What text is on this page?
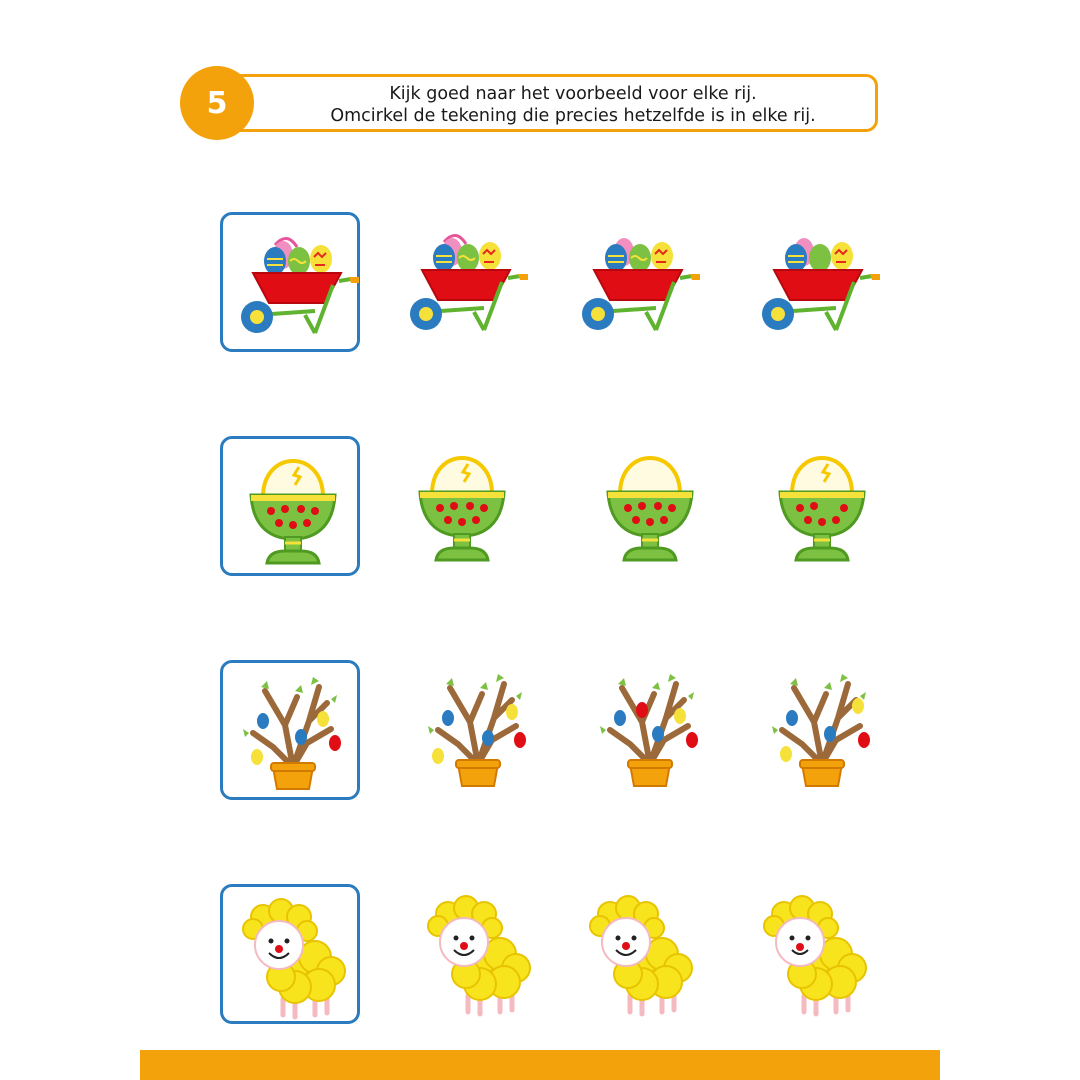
Kijk goed naar het voorbeeld voor elke rij.
Omcirkel de tekening die precies hetzelfde is in elke rij.
5
